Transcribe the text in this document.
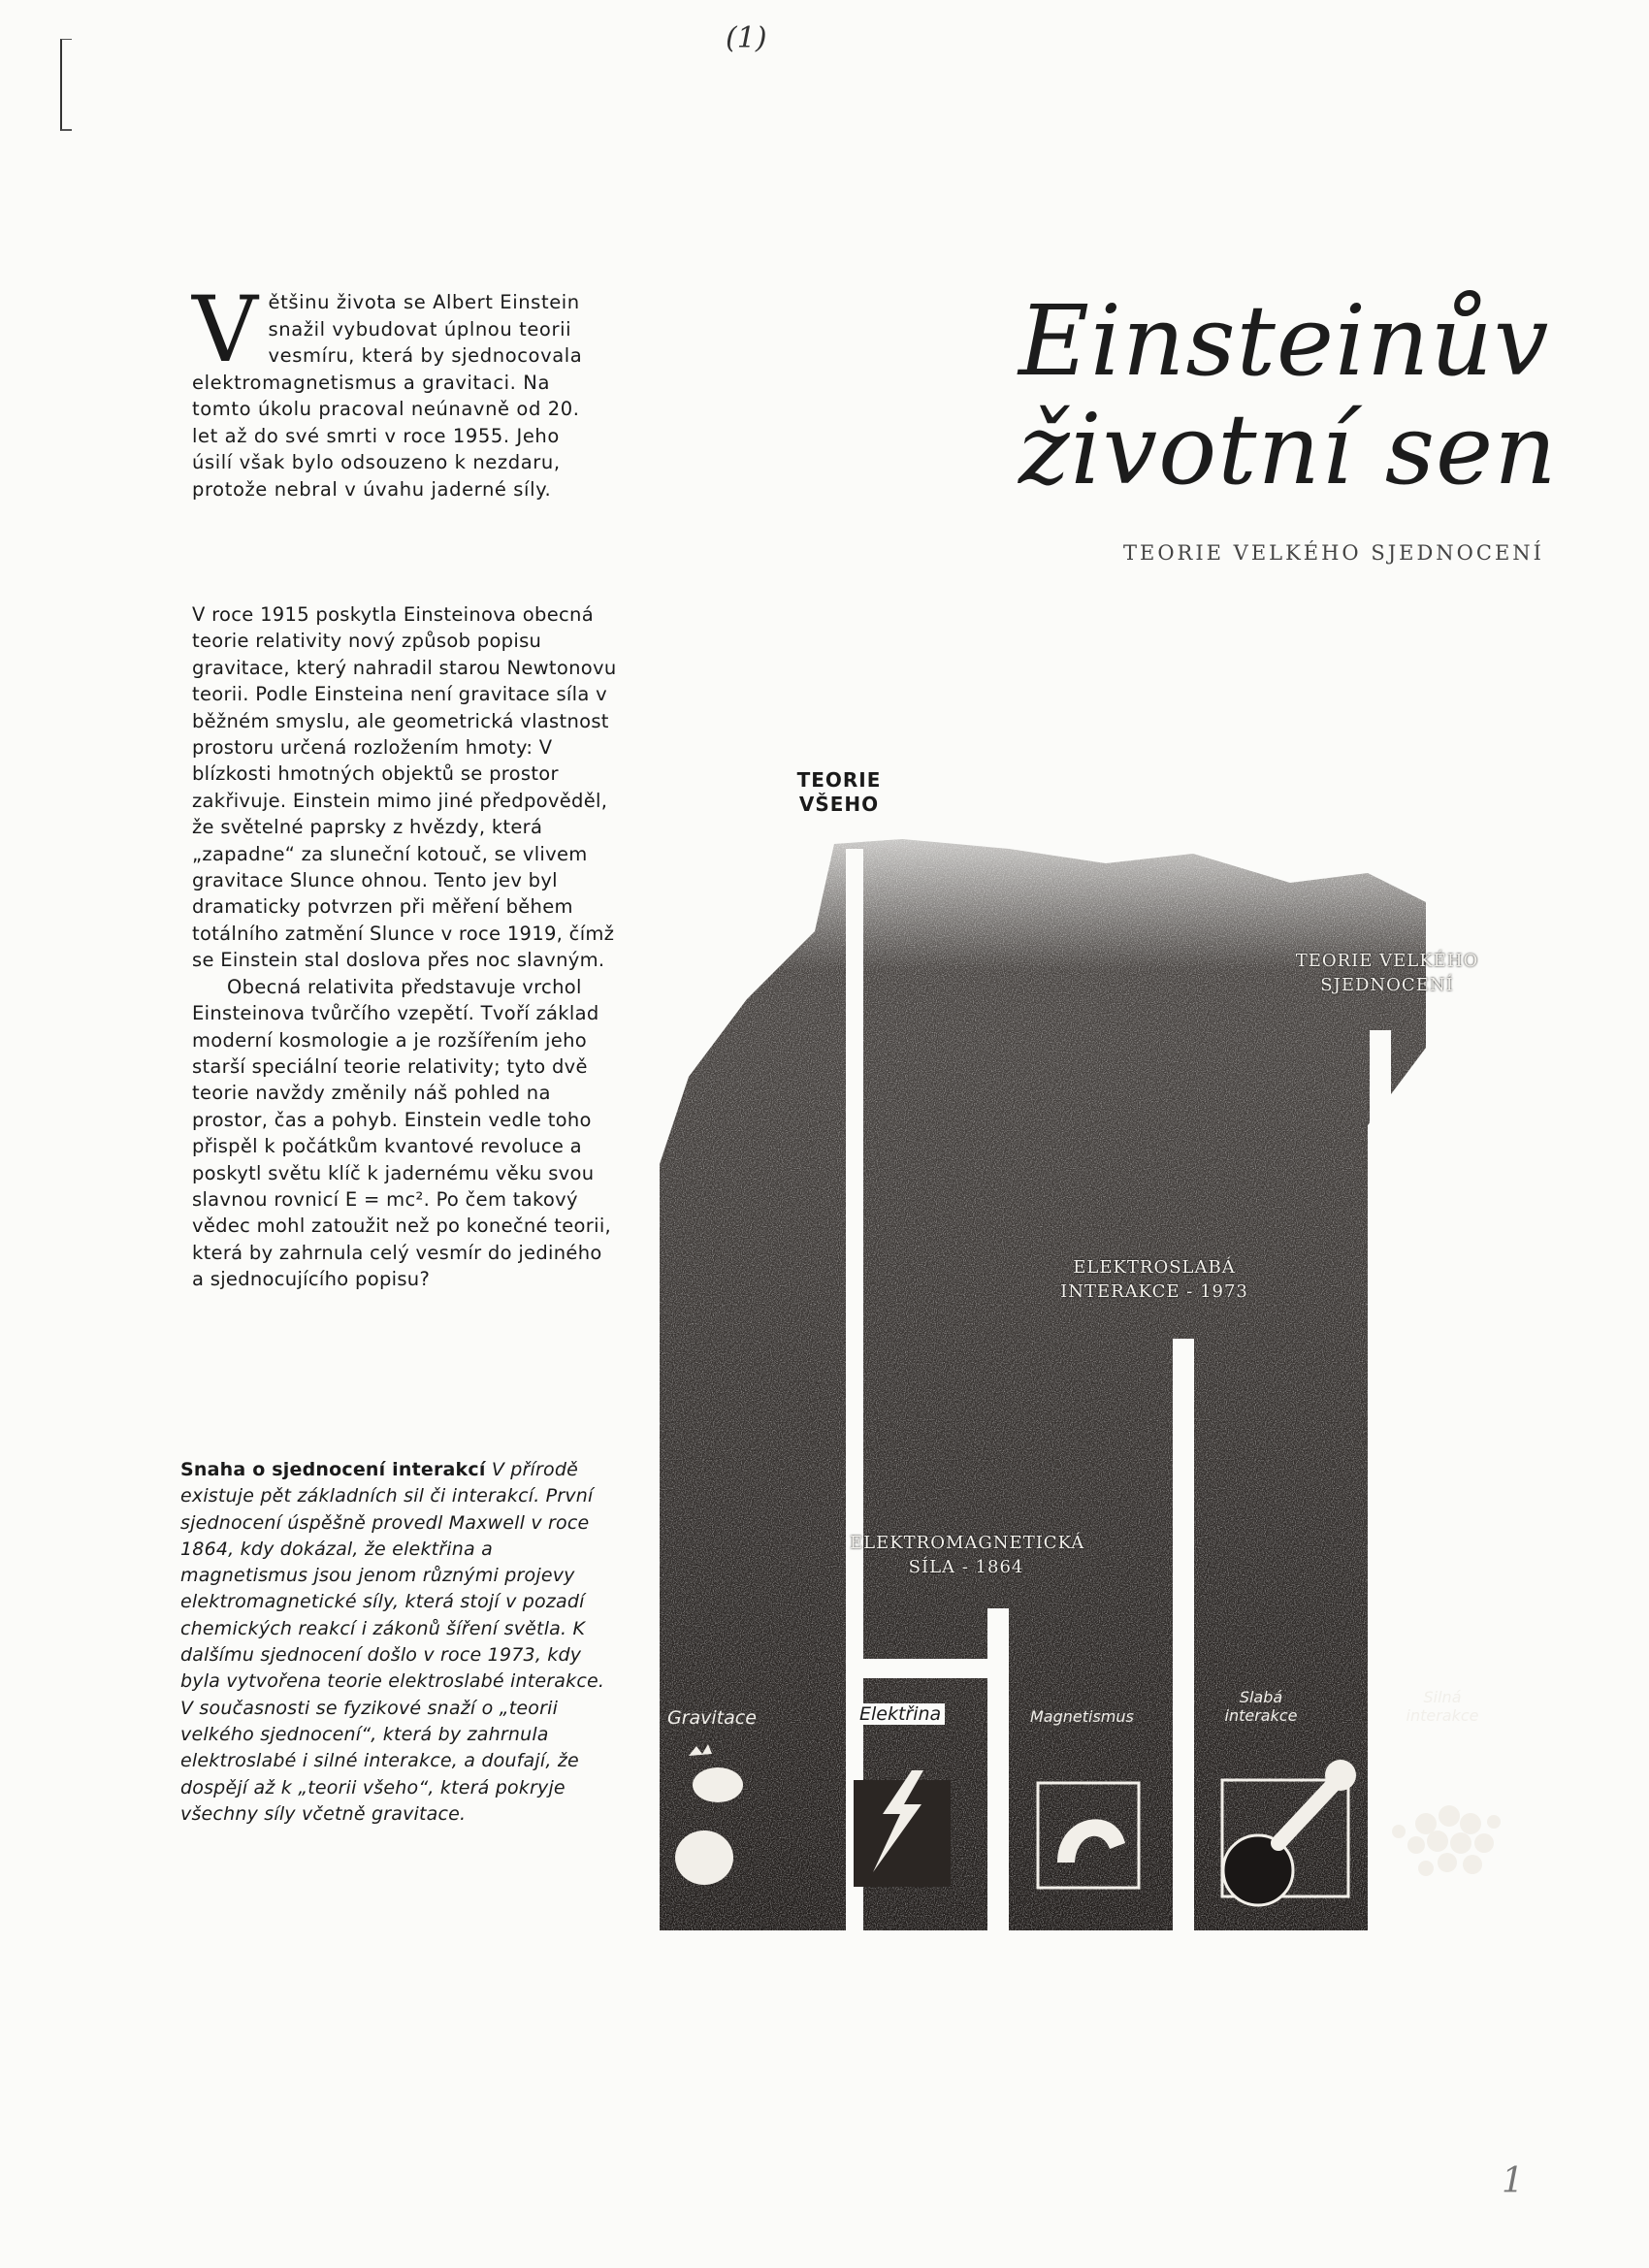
(1)
Většinu života se Albert Einstein snažil vybudovat úplnou teorii vesmíru, která by sjednocovala elektromagnetismus a gravitaci. Na tomto úkolu pracoval neúnavně od 20. let až do své smrti v roce 1955. Jeho úsilí však bylo odsouzeno k nezdaru, protože nebral v úvahu jaderné síly.

V roce 1915 poskytla Einsteinova obecná teorie relativity nový způsob popisu gravitace, který nahradil starou Newtonovu teorii. Podle Einsteina není gravitace síla v běžném smyslu, ale geometrická vlastnost prostoru určená rozložením hmoty: V blízkosti hmotných objektů se prostor zakřivuje. Einstein mimo jiné předpověděl, že světelné paprsky z hvězdy, která „zapadne“ za sluneční kotouč, se vlivem gravitace Slunce ohnou. Tento jev byl dramaticky potvrzen při měření během totálního zatmění Slunce v roce 1919, čímž se Einstein stal doslova přes noc slavným.

Obecná relativita představuje vrchol Einsteinova tvůrčího vzepětí. Tvoří základ moderní kosmologie a je rozšířením jeho starší speciální teorie relativity; tyto dvě teorie navždy změnily náš pohled na prostor, čas a pohyb. Einstein vedle toho přispěl k počátkům kvantové revoluce a poskytl světu klíč k jadernému věku svou slavnou rovnicí E = mc². Po čem takový vědec mohl zatoužit než po konečné teorii, která by zahrnula celý vesmír do jediného a sjednocujícího popisu?

Snaha o sjednocení interakcí V přírodě existuje pět základních sil či interakcí. První sjednocení úspěšně provedl Maxwell v roce 1864, kdy dokázal, že elektřina a magnetismus jsou jenom různými projevy elektromagnetické síly, která stojí v pozadí chemických reakcí i zákonů šíření světla. K dalšímu sjednocení došlo v roce 1973, kdy byla vytvořena teorie elektroslabé interakce. V současnosti se fyzikové snaží o „teorii velkého sjednocení“, která by zahrnula elektroslabé i silné interakce, a doufají, že dospějí až k „teorii všeho“, která pokryje všechny síly včetně gravitace.
Einsteinův
životní sen
TEORIE VELKÉHO SJEDNOCENÍ
TEORIE
VŠEHO
TEORIE VELKÉHO
SJEDNOCENÍ
ELEKTROSLABÁ
INTERAKCE - 1973
ELEKTROMAGNETICKÁ
SÍLA - 1864
Gravitace	Elektřina	Magnetismus
Slabá interakce
Silná interakce
1
